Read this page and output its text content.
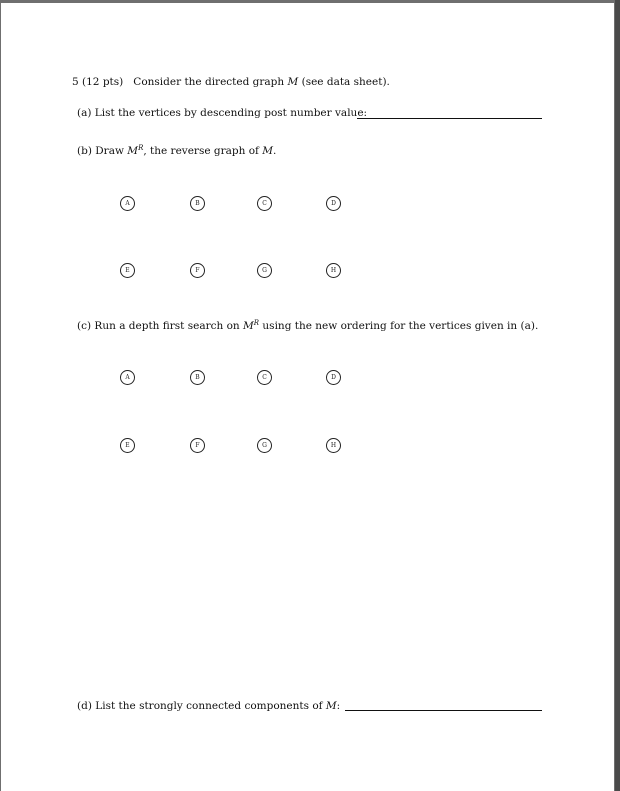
5 (12 pts) Consider the directed graph M (see data sheet).
(a) List the vertices by descending post number value:
(b) Draw $M^R$, the reverse graph of M.
A	B	C	D
E	F	G	H
(c) Run a depth first search on $M^R$ using the new ordering for the vertices given in (a).
A	B	C	D
E	F	G	H
(d) List the strongly connected components of M:
